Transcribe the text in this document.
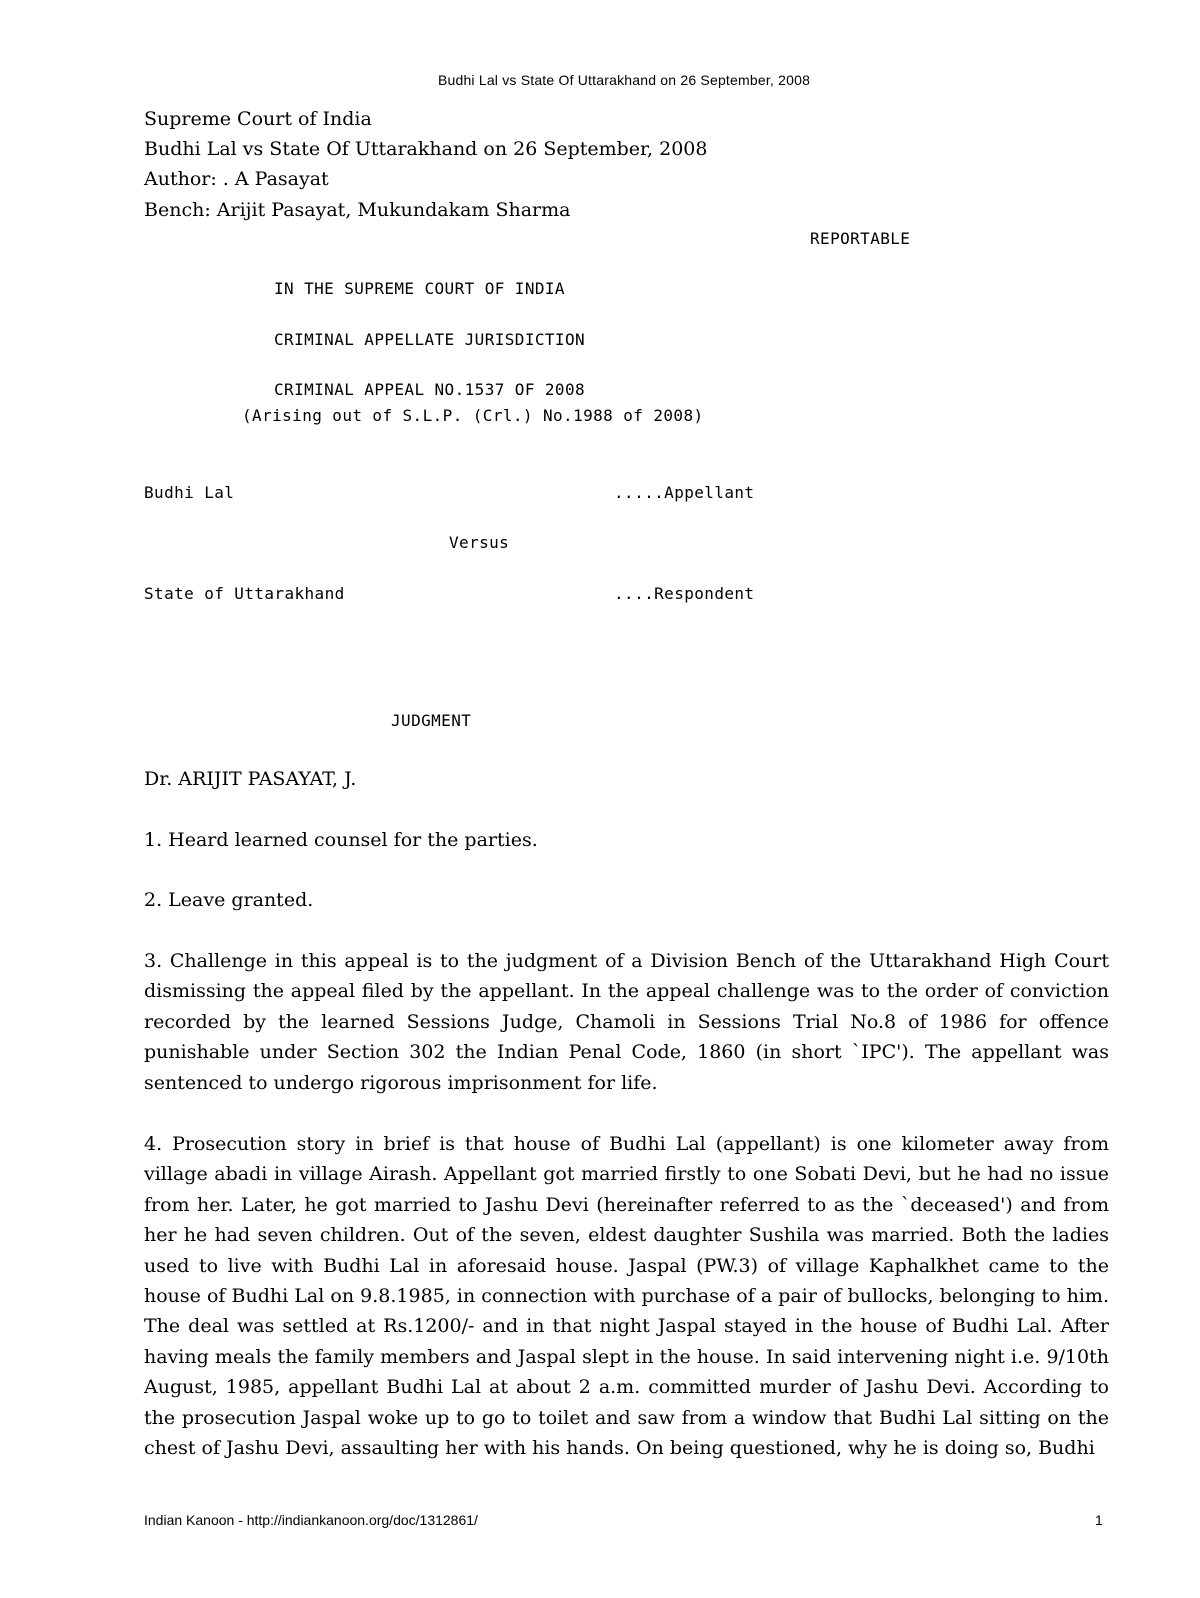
Budhi Lal vs State Of Uttarakhand on 26 September, 2008
Supreme Court of India
Budhi Lal vs State Of Uttarakhand on 26 September, 2008
Author: . A Pasayat
Bench: Arijit Pasayat, Mukundakam Sharma
REPORTABLE
IN THE SUPREME COURT OF INDIA
CRIMINAL APPELLATE JURISDICTION
CRIMINAL APPEAL NO.1537 OF 2008
(Arising out of S.L.P. (Crl.) No.1988 of 2008)
Budhi Lal	.....Appellant
Versus
State of Uttarakhand	....Respondent
JUDGMENT
Dr. ARIJIT PASAYAT, J.

1. Heard learned counsel for the parties.

2. Leave granted.

3. Challenge in this appeal is to the judgment of a Division Bench of the Uttarakhand High Court dismissing the appeal filed by the appellant. In the appeal challenge was to the order of conviction recorded by the learned Sessions Judge, Chamoli in Sessions Trial No.8 of 1986 for offence punishable under Section 302 the Indian Penal Code, 1860 (in short `IPC'). The appellant was sentenced to undergo rigorous imprisonment for life.

4. Prosecution story in brief is that house of Budhi Lal (appellant) is one kilometer away from village abadi in village Airash. Appellant got married firstly to one Sobati Devi, but he had no issue from her. Later, he got married to Jashu Devi (hereinafter referred to as the `deceased') and from her he had seven children. Out of the seven, eldest daughter Sushila was married. Both the ladies used to live with Budhi Lal in aforesaid house. Jaspal (PW.3) of village Kaphalkhet came to the house of Budhi Lal on 9.8.1985, in connection with purchase of a pair of bullocks, belonging to him. The deal was settled at Rs.1200/- and in that night Jaspal stayed in the house of Budhi Lal. After having meals the family members and Jaspal slept in the house. In said intervening night i.e. 9/10th August, 1985, appellant Budhi Lal at about 2 a.m. committed murder of Jashu Devi. According to the prosecution Jaspal woke up to go to toilet and saw from a window that Budhi Lal sitting on the chest of Jashu Devi, assaulting her with his hands. On being questioned, why he is doing so, Budhi

Indian Kanoon - http://indiankanoon.org/doc/1312861/	1
